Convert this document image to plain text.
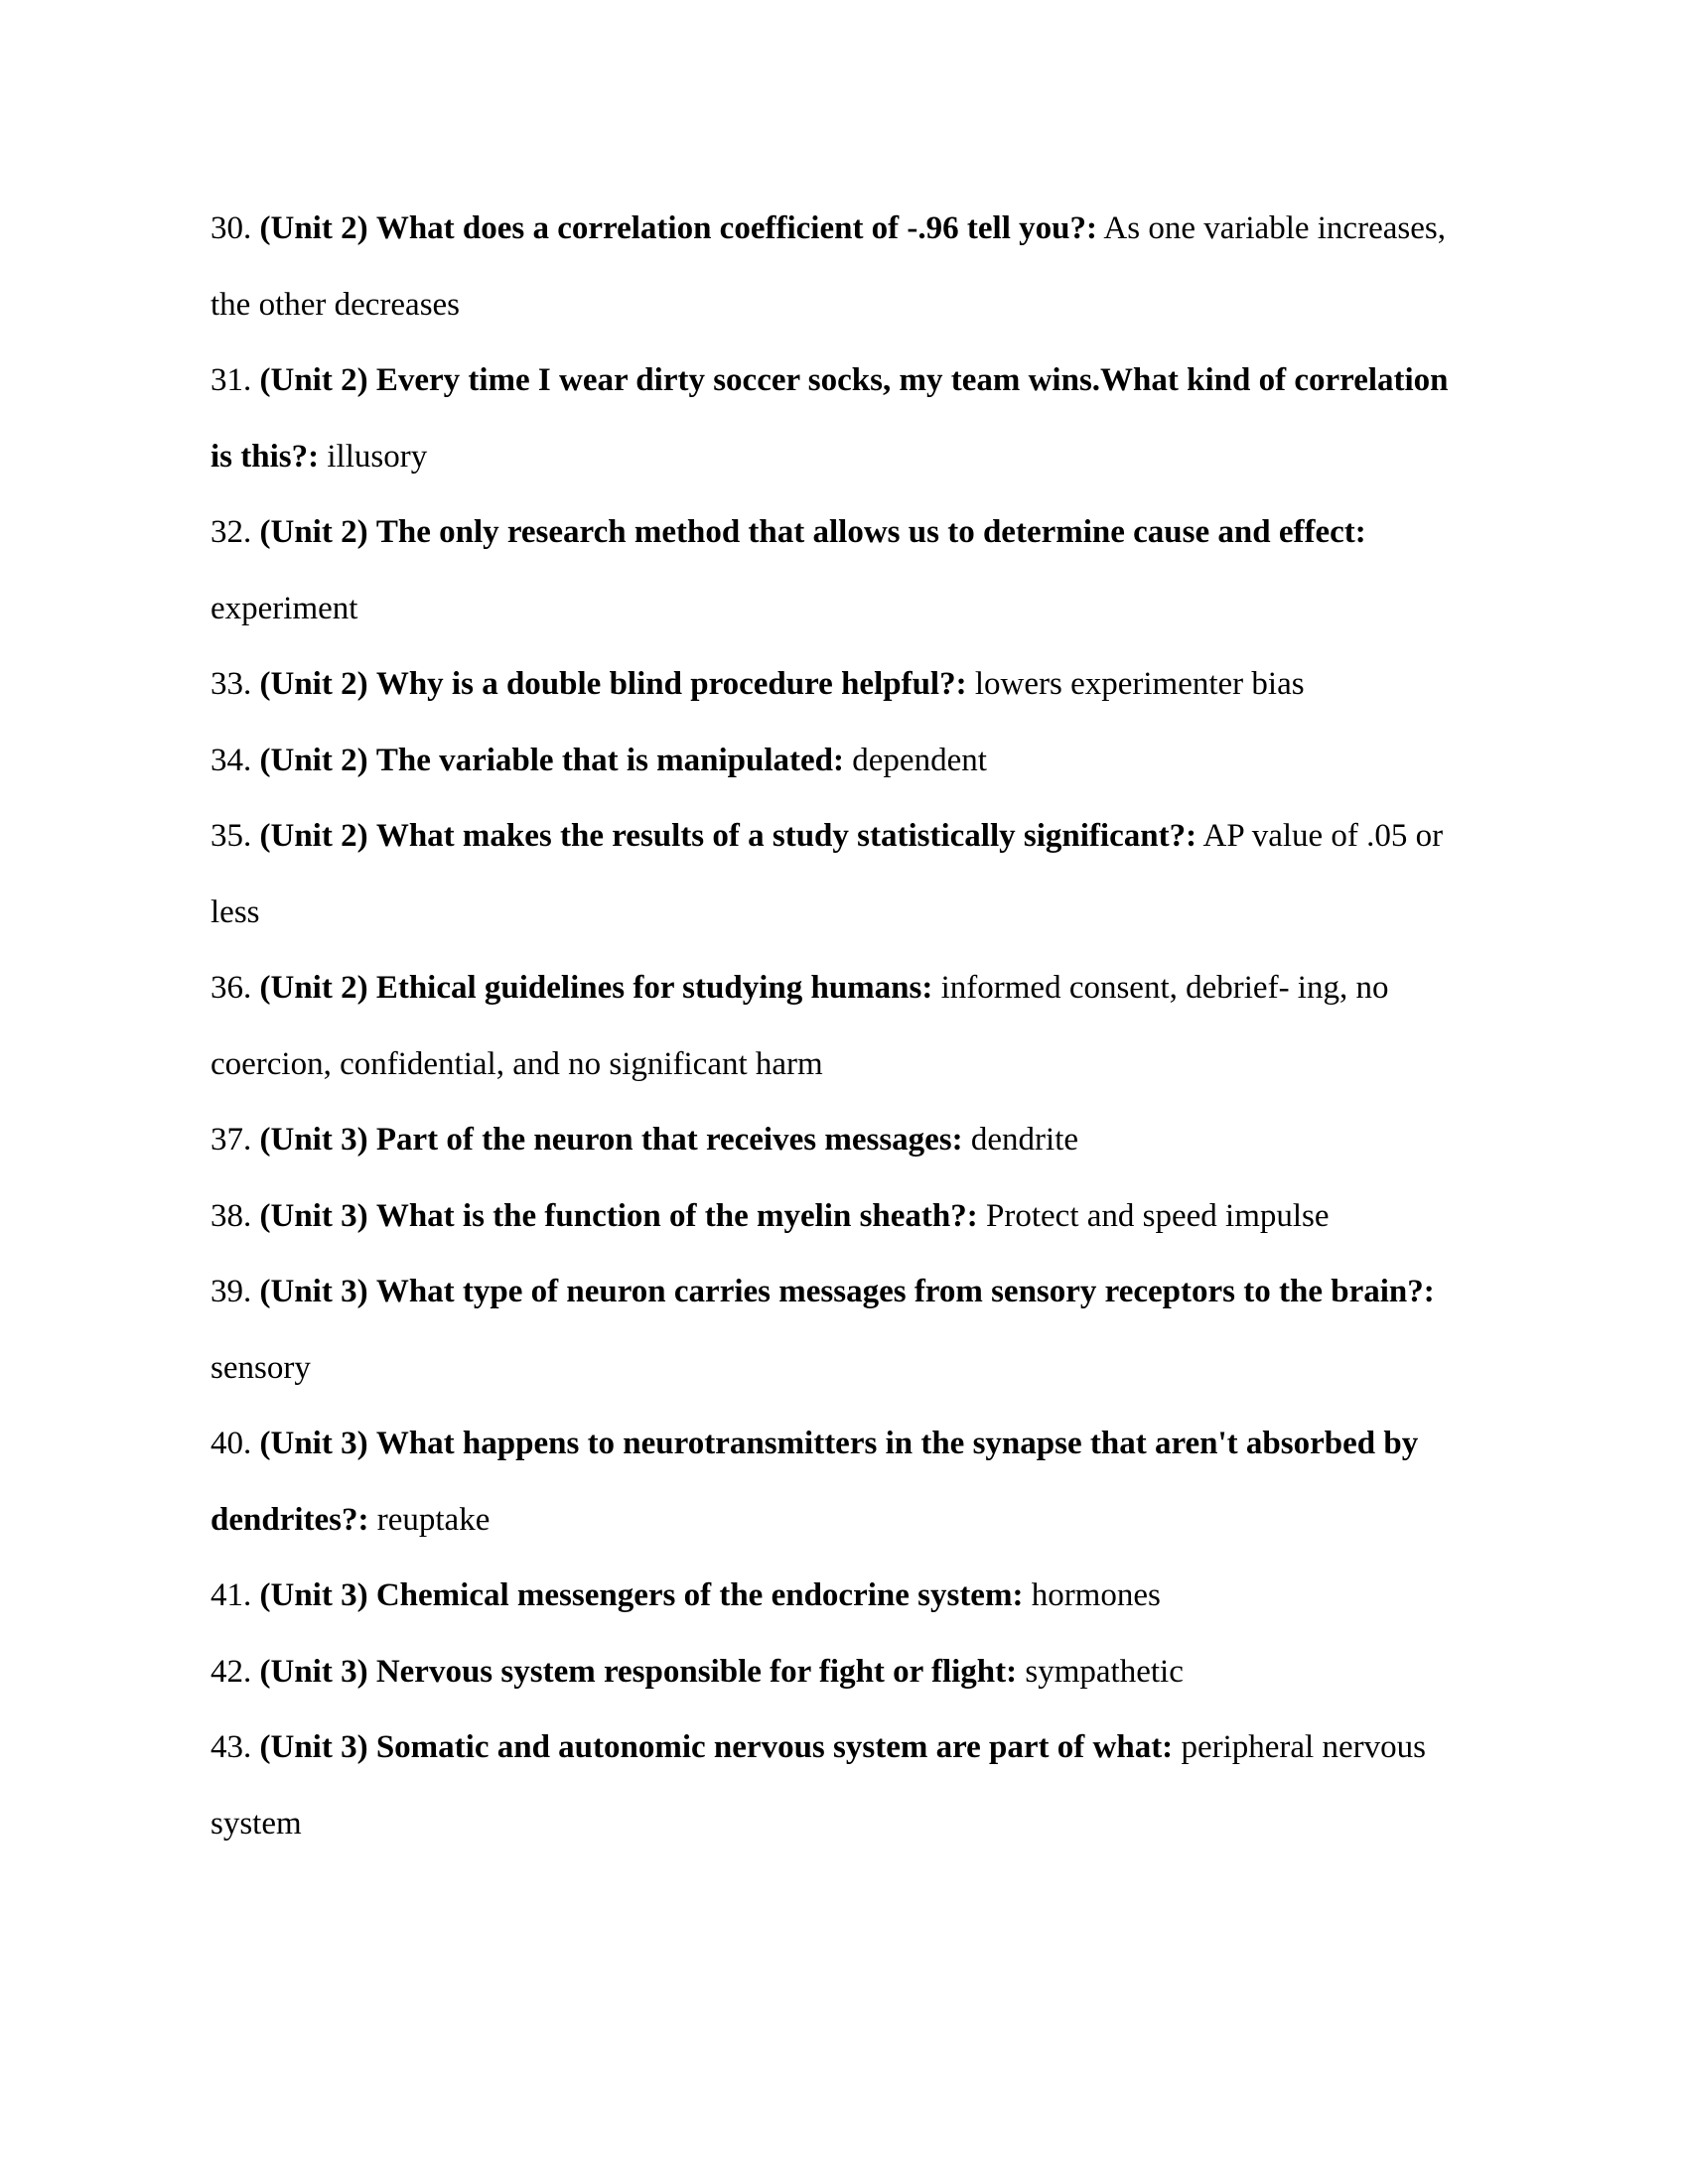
30. (Unit 2) What does a correlation coefficient of -.96 tell you?: As one variable increases, the other decreases

31. (Unit 2) Every time I wear dirty soccer socks, my team wins.What kind of correlation is this?: illusory

32. (Unit 2) The only research method that allows us to determine cause and effect: experiment

33. (Unit 2) Why is a double blind procedure helpful?: lowers experimenter bias

34. (Unit 2) The variable that is manipulated: dependent

35. (Unit 2) What makes the results of a study statistically significant?: AP value of .05 or less

36. (Unit 2) Ethical guidelines for studying humans: informed consent, debrief- ing, no coercion, confidential, and no significant harm

37. (Unit 3) Part of the neuron that receives messages: dendrite

38. (Unit 3) What is the function of the myelin sheath?: Protect and speed impulse

39. (Unit 3) What type of neuron carries messages from sensory receptors to the brain?: sensory

40. (Unit 3) What happens to neurotransmitters in the synapse that aren't absorbed by dendrites?: reuptake

41. (Unit 3) Chemical messengers of the endocrine system: hormones

42. (Unit 3) Nervous system responsible for fight or flight: sympathetic

43. (Unit 3) Somatic and autonomic nervous system are part of what: peripheral nervous system
